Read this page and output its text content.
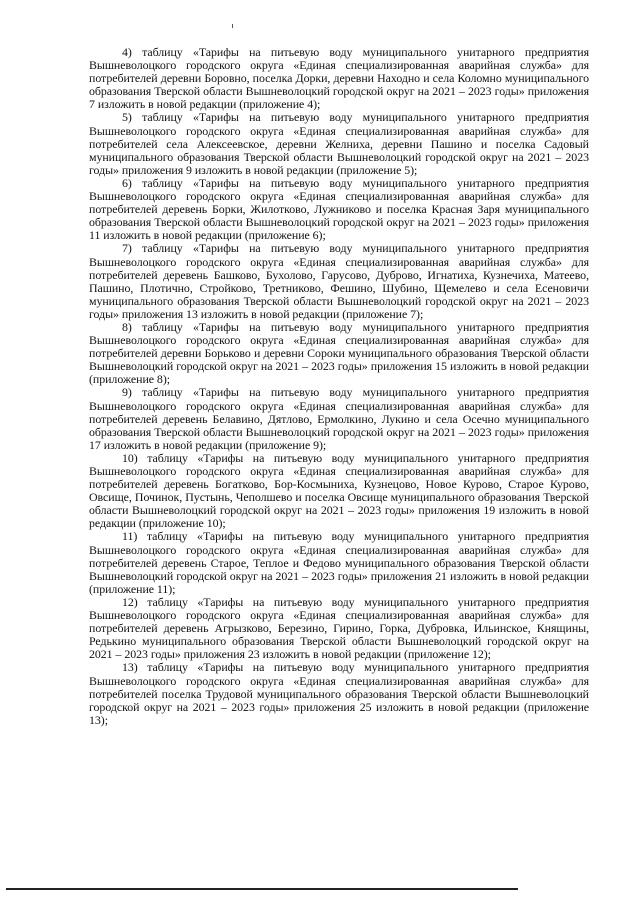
4) таблицу «Тарифы на питьевую воду муниципального унитарного предприятия Вышневолоцкого городского округа «Единая специализированная аварийная служба» для потребителей деревни Боровно, поселка Дорки, деревни Находно и села Коломно муниципального образования Тверской области Вышневолоцкий городской округ на 2021 – 2023 годы» приложения 7 изложить в новой редакции (приложение 4);

5) таблицу «Тарифы на питьевую воду муниципального унитарного предприятия Вышневолоцкого городского округа «Единая специализированная аварийная служба» для потребителей села Алексеевское, деревни Желниха, деревни Пашино и поселка Садовый муниципального образования Тверской области Вышневолоцкий городской округ на 2021 – 2023 годы» приложения 9 изложить в новой редакции (приложение 5);

6) таблицу «Тарифы на питьевую воду муниципального унитарного предприятия Вышневолоцкого городского округа «Единая специализированная аварийная служба» для потребителей деревень Борки, Жилотково, Лужниково и поселка Красная Заря муниципального образования Тверской области Вышневолоцкий городской округ на 2021 – 2023 годы» приложения 11 изложить в новой редакции (приложение 6);

7) таблицу «Тарифы на питьевую воду муниципального унитарного предприятия Вышневолоцкого городского округа «Единая специализированная аварийная служба» для потребителей деревень Башково, Бухолово, Гарусово, Дуброво, Игнатиха, Кузнечиха, Матеево, Пашино, Плотично, Стройково, Третниково, Фешино, Шубино, Щемелево и села Есеновичи муниципального образования Тверской области Вышневолоцкий городской округ на 2021 – 2023 годы» приложения 13 изложить в новой редакции (приложение 7);

8) таблицу «Тарифы на питьевую воду муниципального унитарного предприятия Вышневолоцкого городского округа «Единая специализированная аварийная служба» для потребителей деревни Борьково и деревни Сороки муниципального образования Тверской области Вышневолоцкий городской округ на 2021 – 2023 годы» приложения 15 изложить в новой редакции (приложение 8);

9) таблицу «Тарифы на питьевую воду муниципального унитарного предприятия Вышневолоцкого городского округа «Единая специализированная аварийная служба» для потребителей деревень Белавино, Дятлово, Ермолкино, Лукино и села Осечно муниципального образования Тверской области Вышневолоцкий городской округ на 2021 – 2023 годы» приложения 17 изложить в новой редакции (приложение 9);

10) таблицу «Тарифы на питьевую воду муниципального унитарного предприятия Вышневолоцкого городского округа «Единая специализированная аварийная служба» для потребителей деревень Богатково, Бор-Космыниха, Кузнецово, Новое Курово, Старое Курово, Овсище, Починок, Пустынь, Чеполшево и поселка Овсище муниципального образования Тверской области Вышневолоцкий городской округ на 2021 – 2023 годы» приложения 19 изложить в новой редакции (приложение 10);

11) таблицу «Тарифы на питьевую воду муниципального унитарного предприятия Вышневолоцкого городского округа «Единая специализированная аварийная служба» для потребителей деревень Старое, Теплое и Федово муниципального образования Тверской области Вышневолоцкий городской округ на 2021 – 2023 годы» приложения 21 изложить в новой редакции (приложение 11);

12) таблицу «Тарифы на питьевую воду муниципального унитарного предприятия Вышневолоцкого городского округа «Единая специализированная аварийная служба» для потребителей деревень Агрызково, Березино, Гирино, Горка, Дубровка, Ильинское, Княщины, Редькино муниципального образования Тверской области Вышневолоцкий городской округ на 2021 – 2023 годы» приложения 23 изложить в новой редакции (приложение 12);

13) таблицу «Тарифы на питьевую воду муниципального унитарного предприятия Вышневолоцкого городского округа «Единая специализированная аварийная служба» для потребителей поселка Трудовой муниципального образования Тверской области Вышневолоцкий городской округ на 2021 – 2023 годы» приложения 25 изложить в новой редакции (приложение 13);
